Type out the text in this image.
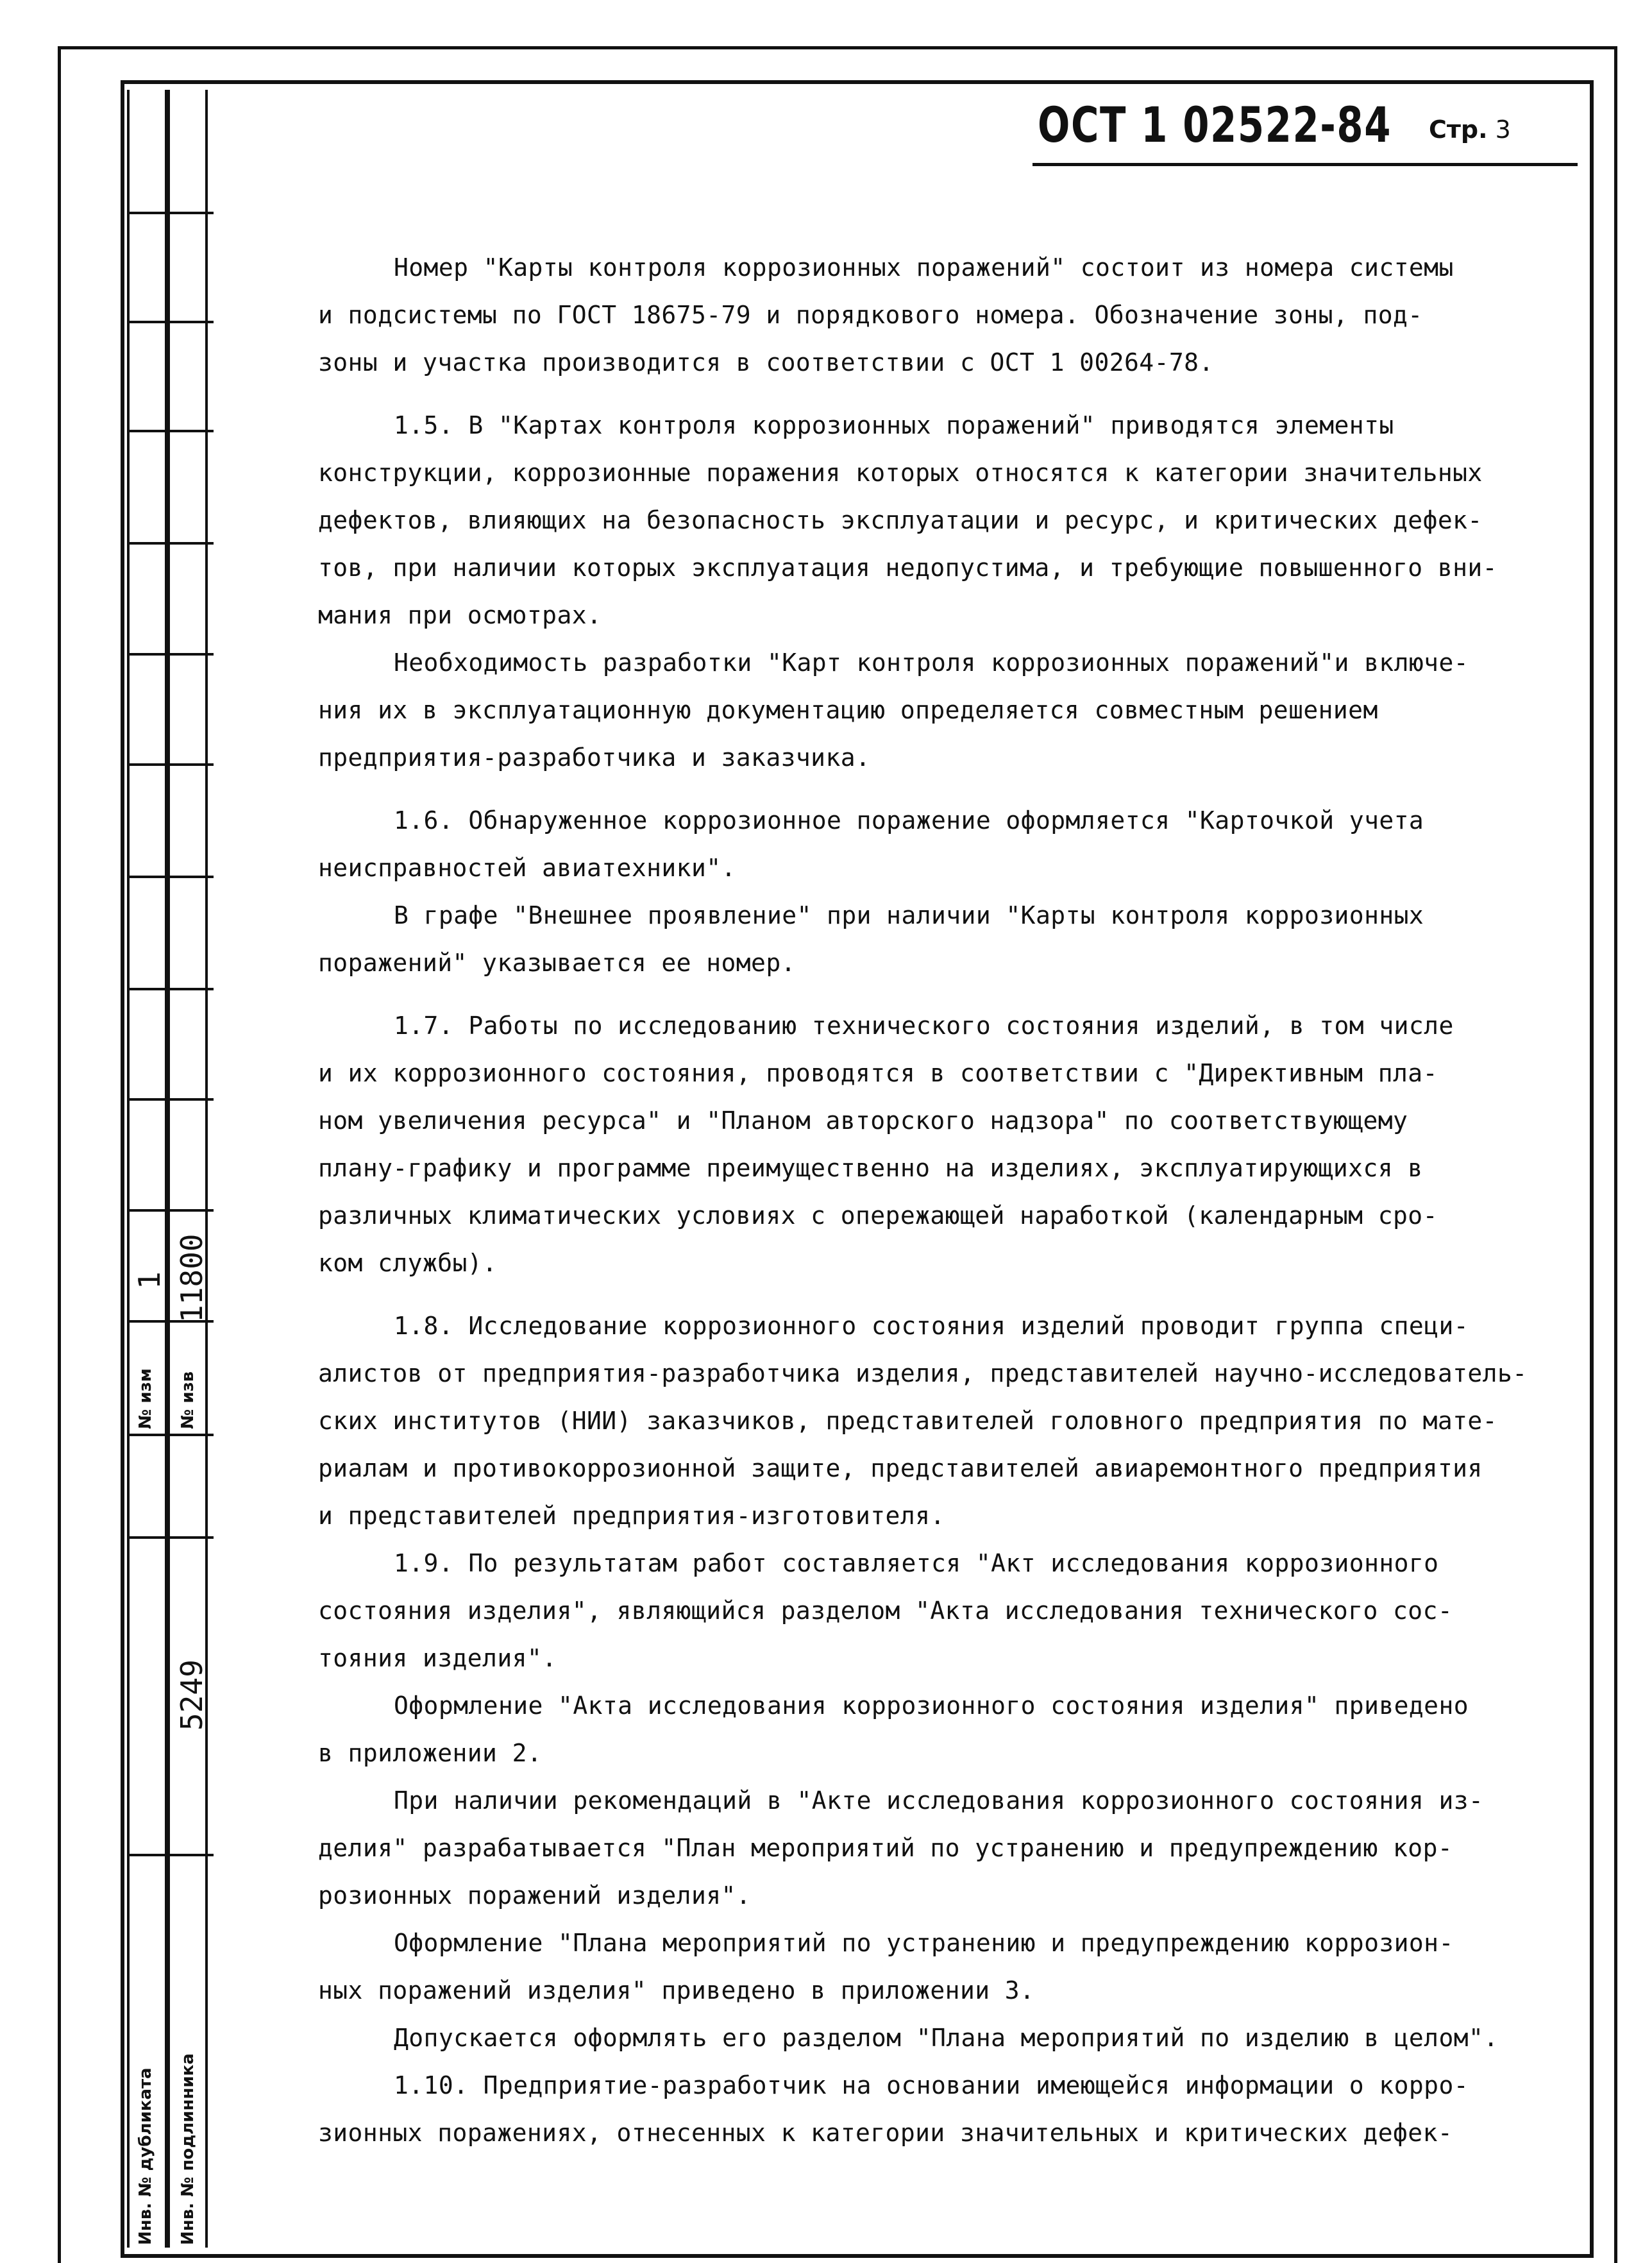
№ изм № изв
1 11800
5249
Инв. № дубликата Инв. № подлинника
ОСТ 1 02522-84 Стр. 3
Номер "Карты контроля коррозионных поражений" состоит из номера системы
и подсистемы по ГОСТ 18675-79 и порядкового номера. Обозначение зоны, под-
зоны и участка производится в соответствии с ОСТ 1 00264-78.
1.5. В "Картах контроля коррозионных поражений" приводятся элементы
конструкции, коррозионные поражения которых относятся к категории значительных
дефектов, влияющих на безопасность эксплуатации и ресурс, и критических дефек-
тов, при наличии которых эксплуатация недопустима, и требующие повышенного вни-
мания при осмотрах.
Необходимость разработки "Карт контроля коррозионных поражений"и включе-
ния их в эксплуатационную документацию определяется совместным решением
предприятия-разработчика и заказчика.
1.6. Обнаруженное коррозионное поражение оформляется "Карточкой учета
неисправностей авиатехники".
В графе "Внешнее проявление" при наличии "Карты контроля коррозионных
поражений" указывается ее номер.
1.7. Работы по исследованию технического состояния изделий, в том числе
и их коррозионного состояния, проводятся в соответствии с "Директивным пла-
ном увеличения ресурса" и "Планом авторского надзора" по соответствующему
плану-графику и программе преимущественно на изделиях, эксплуатирующихся в
различных климатических условиях с опережающей наработкой (календарным сро-
ком службы).
1.8. Исследование коррозионного состояния изделий проводит группа специ-
алистов от предприятия-разработчика изделия, представителей научно-исследователь-
ских институтов (НИИ) заказчиков, представителей головного предприятия по мате-
риалам и противокоррозионной защите, представителей авиаремонтного предприятия
и представителей предприятия-изготовителя.
1.9. По результатам работ составляется "Акт исследования коррозионного
состояния изделия", являющийся разделом "Акта исследования технического сос-
тояния изделия".
Оформление "Акта исследования коррозионного состояния изделия" приведено
в приложении 2.
При наличии рекомендаций в "Акте исследования коррозионного состояния из-
делия" разрабатывается "План мероприятий по устранению и предупреждению кор-
розионных поражений изделия".
Оформление "Плана мероприятий по устранению и предупреждению коррозион-
ных поражений изделия" приведено в приложении 3.
Допускается оформлять его разделом "Плана мероприятий по изделию в целом".
1.10. Предприятие-разработчик на основании имеющейся информации о корро-
зионных поражениях, отнесенных к категории значительных и критических дефек-
